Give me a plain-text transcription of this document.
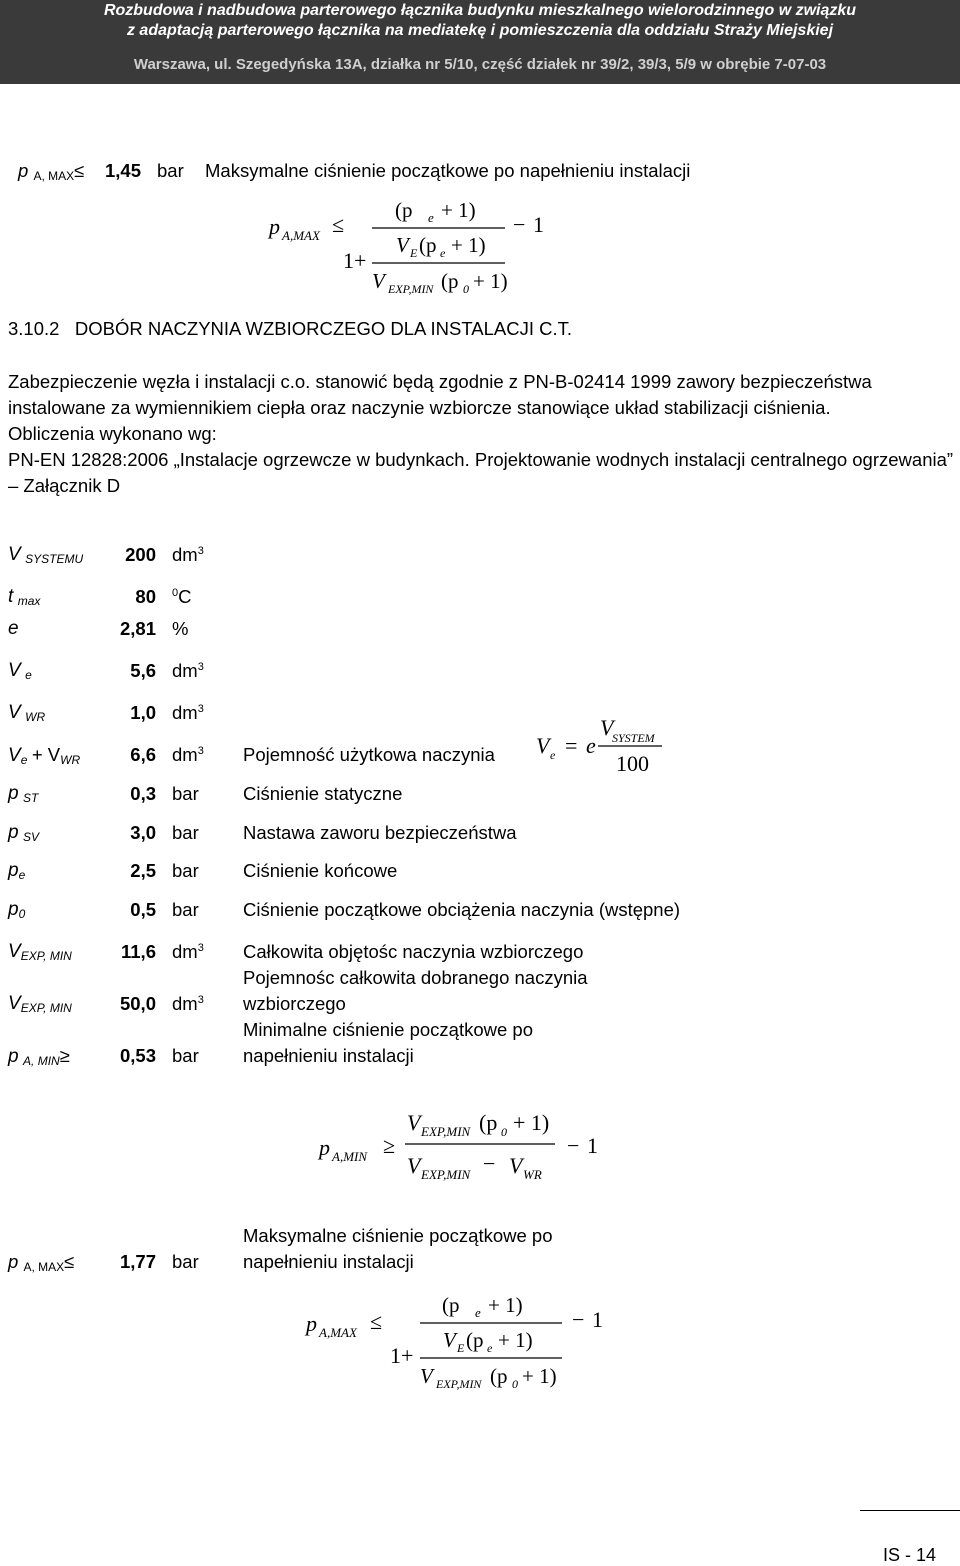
Rozbudowa i nadbudowa parterowego łącznika budynku mieszkalnego wielorodzinnego w związku
z adaptacją parterowego łącznika na mediatekę i pomieszczenia dla oddziału Straży Miejskiej
Warszawa, ul. Szegedyńska 13A, działka nr 5/10, część działek nr 39/2, 39/3, 5/9 w obrębie 7-07-03
p $_{A, MAX}$≤ 1,45 bar Maksymalne ciśnienie początkowe po napełnieniu instalacji
p A,MAX ≤
(p e + 1)
− 1
1+
V E (p e + 1)
V EXP,MIN (p 0 + 1)
3.10.2 DOBÓR NACZYNIA WZBIORCZEGO DLA INSTALACJI C.T.
Zabezpieczenie węzła i instalacji c.o. stanowić będą zgodnie z PN-B-02414 1999 zawory bezpieczeństwa
instalowane za wymiennikiem ciepła oraz naczynie wzbiorcze stanowiące układ stabilizacji ciśnienia.
Obliczenia wykonano wg:
PN-EN 12828:2006 „Instalacje ogrzewcze w budynkach. Projektowanie wodnych instalacji centralnego ogrzewania”
– Załącznik D
V $_{SYSTEMU}$	200 $dm^3$
t $_{max}$	80 $^0$C
e	2,81 %
V $_e$	5,6 $dm^3$
V $_{WR}$	1,0 $dm^3$
$V_e + V_{WR}$	6,6 $dm^3$ Pojemność użytkowa naczynia
p $_{ST}$	0,3 bar Ciśnienie statyczne
p $_{SV}$	3,0 bar Nastawa zaworu bezpieczeństwa
$p_e$	2,5 bar Ciśnienie końcowe
$p_0$	0,5 bar Ciśnienie początkowe obciążenia naczynia (wstępne)
$V_{EXP, MIN}$	11,6 $dm^3$ Całkowita objętośc naczynia wzbiorczego
Pojemnośc całkowita dobranego naczynia
$V_{EXP, MIN}$	50,0 $dm^3$ wzbiorczego
Minimalne ciśnienie początkowe po
p $_{A, MIN}$≥	0,53 bar napełnieniu instalacji
V e = e
V
SYSTEM
100
p A,MIN ≥
V EXP,MIN (p 0 + 1)
V EXP,MIN − V WR
− 1
Maksymalne ciśnienie początkowe po
p $_{A, MAX}$≤ 1,77 bar napełnieniu instalacji
p A,MAX ≤
(p e + 1)
− 1
1+
V E (p e + 1)
V EXP,MIN (p 0 + 1)
IS - 14
